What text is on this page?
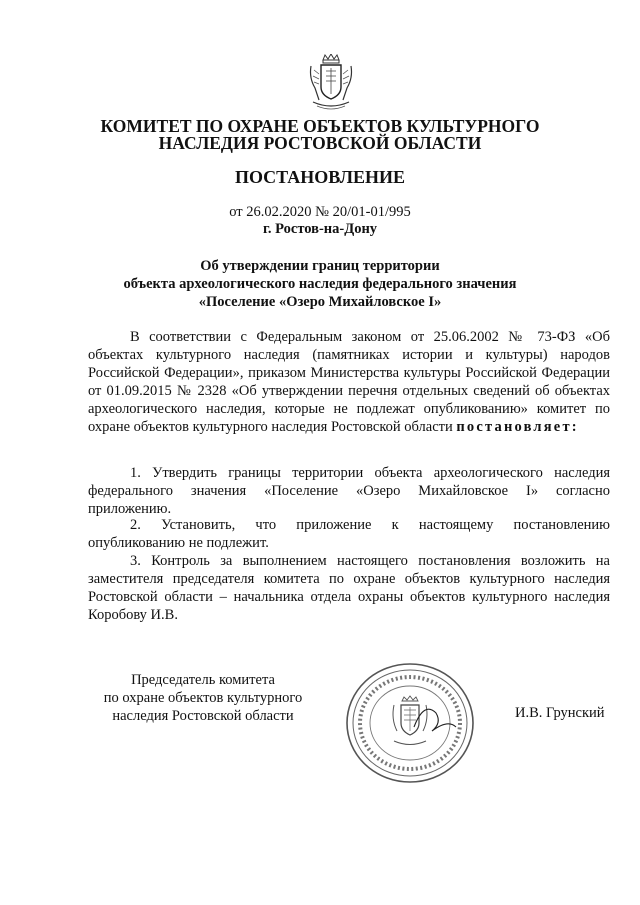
КОМИТЕТ ПО ОХРАНЕ ОБЪЕКТОВ КУЛЬТУРНОГО
НАСЛЕДИЯ РОСТОВСКОЙ ОБЛАСТИ
ПОСТАНОВЛЕНИЕ
от 26.02.2020 № 20/01-01/995
г. Ростов-на-Дону
Об утверждении границ территории
объекта археологического наследия федерального значения
«Поселение «Озеро Михайловское I»
В соответствии с Федеральным законом от 25.06.2002 № 73-ФЗ «Об объектах культурного наследия (памятниках истории и культуры) народов Российской Федерации», приказом Министерства культуры Российской Федерации от 01.09.2015 № 2328 «Об утверждении перечня отдельных сведений об объектах археологического наследия, которые не подлежат опубликованию» комитет по охране объектов культурного наследия Ростовской области постановляет:
1. Утвердить границы территории объекта археологического наследия федерального значения «Поселение «Озеро Михайловское I» согласно приложению.
2. Установить, что приложение к настоящему постановлению опубликованию не подлежит.
3. Контроль за выполнением настоящего постановления возложить на заместителя председателя комитета по охране объектов культурного наследия Ростовской области – начальника отдела охраны объектов культурного наследия Коробову И.В.
Председатель комитета
по охране объектов культурного
наследия Ростовской области	И.В. Грунский
